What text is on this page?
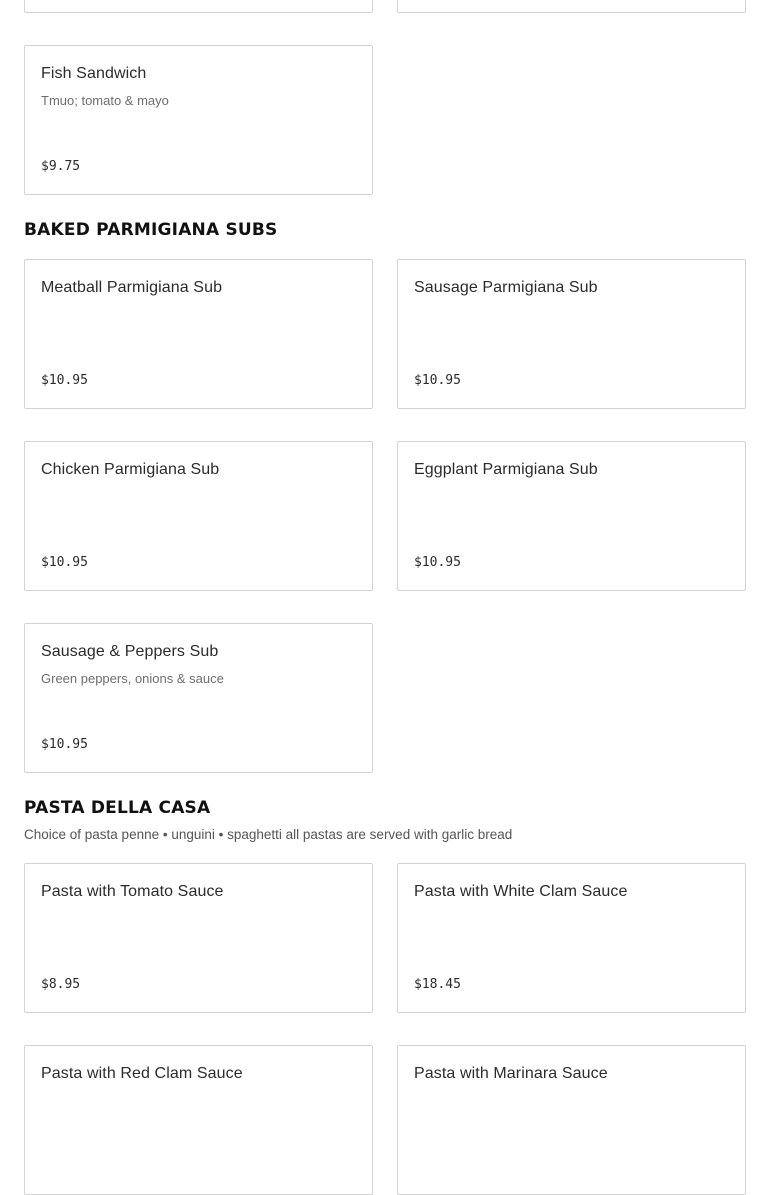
Fish Sandwich
Tmuo; tomato & mayo
$9.75
BAKED PARMIGIANA SUBS
Meatball Parmigiana Sub
$10.95
Sausage Parmigiana Sub
$10.95
Chicken Parmigiana Sub
$10.95
Eggplant Parmigiana Sub
$10.95
Sausage & Peppers Sub
Green peppers, onions & sauce
$10.95
PASTA DELLA CASA
Choice of pasta penne • unguini • spaghetti all pastas are served with garlic bread
Pasta with Tomato Sauce
$8.95
Pasta with White Clam Sauce
$18.45
Pasta with Red Clam Sauce	Pasta with Marinara Sauce
